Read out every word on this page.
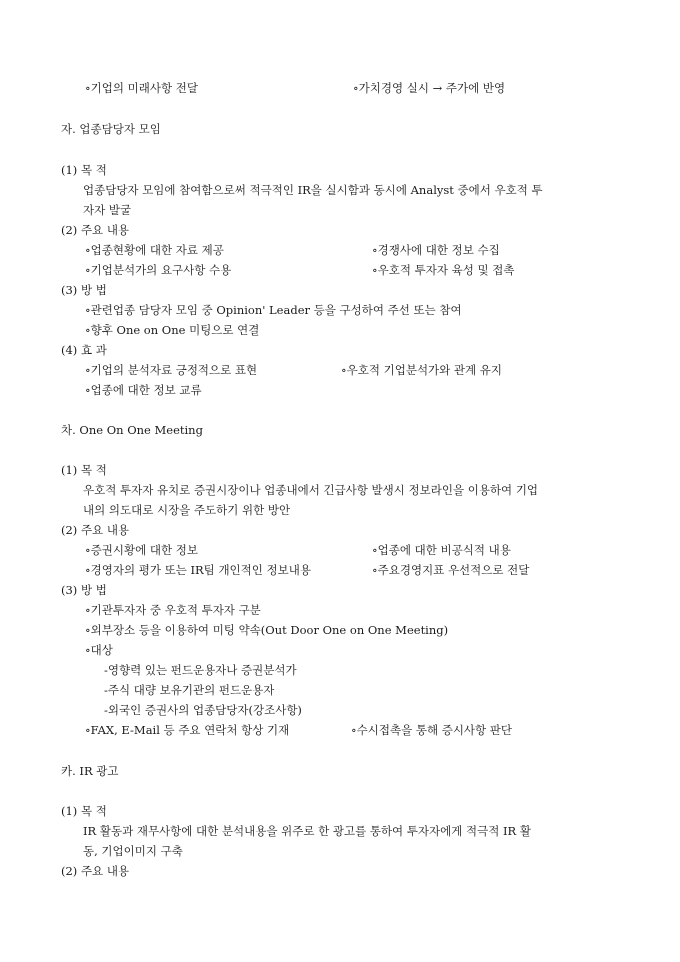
∘기업의 미래사항 전달	∘가치경영 실시 → 주가에 반영
자. 업종담당자 모임
(1) 목 적
업종담당자 모임에 참여함으로써 적극적인 IR을 실시함과 동시에 Analyst 중에서 우호적 투
자자 발굴
(2) 주요 내용
∘업종현황에 대한 자료 제공	∘경쟁사에 대한 정보 수집
∘기업분석가의 요구사항 수용	∘우호적 투자자 육성 및 접촉
(3) 방 법
∘관련업종 담당자 모임 중 Opinion' Leader 등을 구성하여 주선 또는 참여
∘향후 One on One 미팅으로 연결
(4) 효 과
∘기업의 분석자료 긍정적으로 표현	∘우호적 기업분석가와 관계 유지
∘업종에 대한 정보 교류
차. One On One Meeting
(1) 목 적
우호적 투자자 유치로 증권시장이나 업종내에서 긴급사항 발생시 정보라인을 이용하여 기업
내의 의도대로 시장을 주도하기 위한 방안
(2) 주요 내용
∘증권시황에 대한 정보	∘업종에 대한 비공식적 내용
∘경영자의 평가 또는 IR팀 개인적인 정보내용	∘주요경영지표 우선적으로 전달
(3) 방 법
∘기관투자자 중 우호적 투자자 구분
∘외부장소 등을 이용하여 미팅 약속(Out Door One on One Meeting)
∘대상
-영향력 있는 펀드운용자나 증권분석가
-주식 대량 보유기관의 펀드운용자
-외국인 증권사의 업종담당자(강조사항)
∘FAX, E-Mail 등 주요 연락처 항상 기재	∘수시접촉을 통해 증시사항 판단
카. IR 광고
(1) 목 적
IR 활동과 재무사항에 대한 분석내용을 위주로 한 광고를 통하여 투자자에게 적극적 IR 활
동, 기업이미지 구축
(2) 주요 내용
